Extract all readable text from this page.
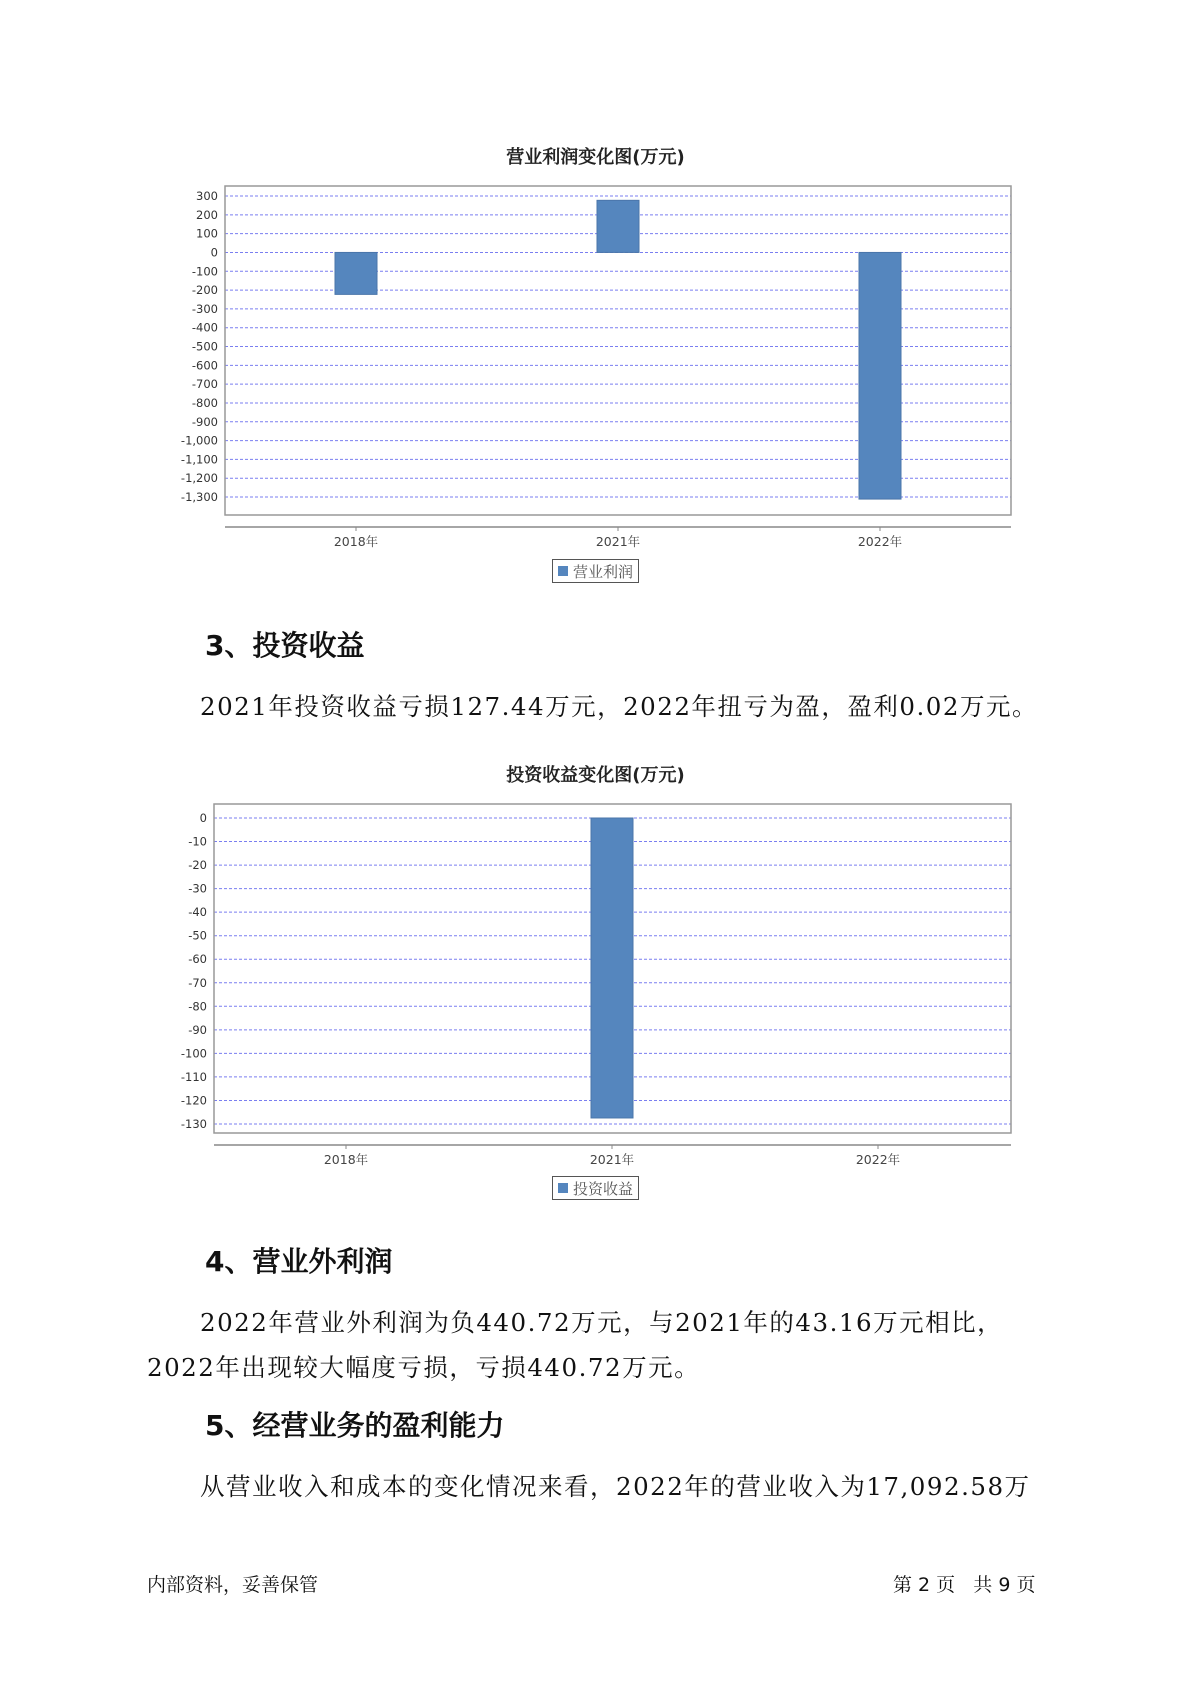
营业利润变化图(万元)
300
200
100
0
-100
-200
-300
-400
-500
-600
-700
-800
-900
-1,000
-1,100
-1,200
-1,300
2018年	2021年	2022年
营业利润
3、投资收益
2021年投资收益亏损127.44万元，2022年扭亏为盈，盈利0.02万元。
投资收益变化图(万元)
0
-10
-20
-30
-40
-50
-60
-70
-80
-90
-100
-110
-120
-130
2018年	2021年	2022年
投资收益
4、营业外利润
2022年营业外利润为负440.72万元，与2021年的43.16万元相比，2022年出现较大幅度亏损，亏损440.72万元。
5、经营业务的盈利能力
从营业收入和成本的变化情况来看，2022年的营业收入为17,092.58万
内部资料，妥善保管	第 2 页   共 9 页
